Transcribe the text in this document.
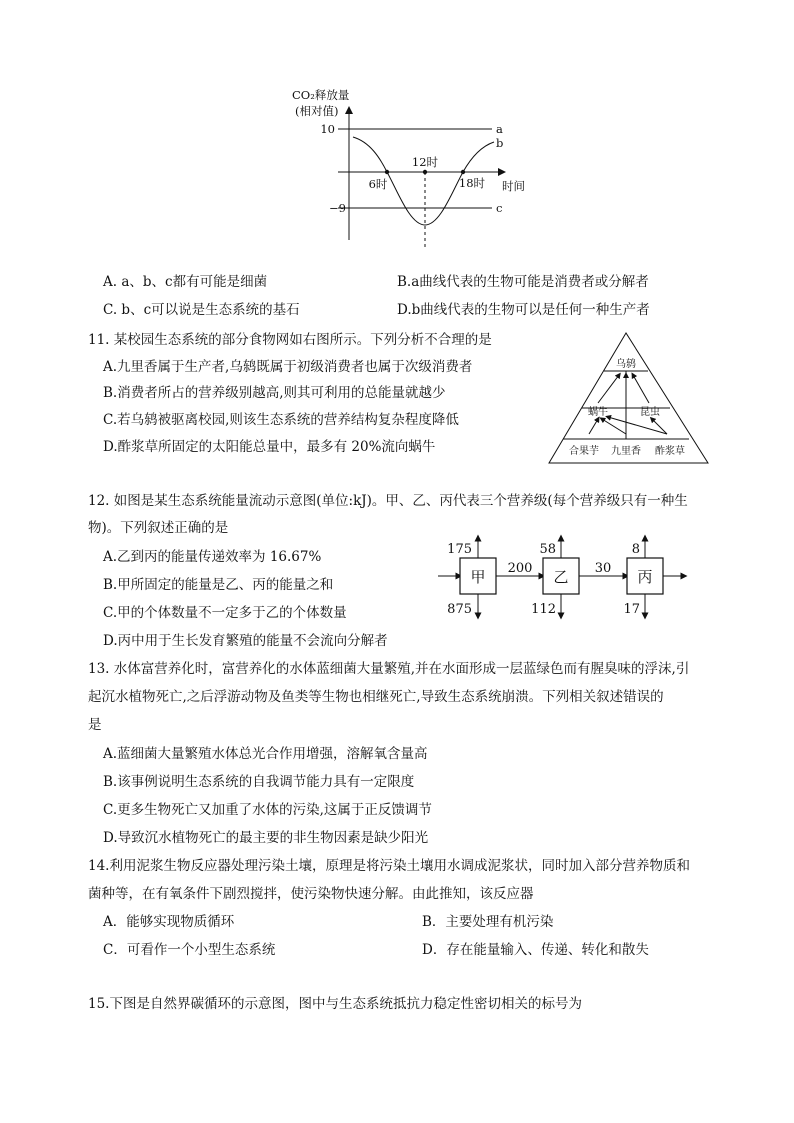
CO₂释放量
(相对值)
10
−9
12时
6时	18时 时间
a
b
c
A. a、b、c都有可能是细菌	B.a曲线代表的生物可能是消费者或分解者
C. b、c可以说是生态系统的基石	D.b曲线代表的生物可以是任何一种生产者
11. 某校园生态系统的部分食物网如右图所示。下列分析不合理的是
A.九里香属于生产者,乌鸫既属于初级消费者也属于次级消费者
B.消费者所占的营养级别越高,则其可利用的总能量就越少
C.若乌鸫被驱离校园,则该生态系统的营养结构复杂程度降低
D.酢浆草所固定的太阳能总量中，最多有 20%流向蜗牛
乌鸫
蜗牛	昆虫
合果芋 九里香 酢浆草
12. 如图是某生态系统能量流动示意图(单位:kJ)。甲、乙、丙代表三个营养级(每个营养级只有一种生
物)。下列叙述正确的是
A.乙到丙的能量传递效率为 16.67%
B.甲所固定的能量是乙、丙的能量之和
C.甲的个体数量不一定多于乙的个体数量
D.丙中用于生长发育繁殖的能量不会流向分解者
甲	乙	丙
175
875
58
112
8
17
200	30
13. 水体富营养化时，富营养化的水体蓝细菌大量繁殖,并在水面形成一层蓝绿色而有腥臭味的浮沫,引
起沉水植物死亡,之后浮游动物及鱼类等生物也相继死亡,导致生态系统崩溃。下列相关叙述错误的
是
A.蓝细菌大量繁殖水体总光合作用增强，溶解氧含量高
B.该事例说明生态系统的自我调节能力具有一定限度
C.更多生物死亡又加重了水体的污染,这属于正反馈调节
D.导致沉水植物死亡的最主要的非生物因素是缺少阳光
14.利用泥浆生物反应器处理污染土壤，原理是将污染土壤用水调成泥浆状，同时加入部分营养物质和
菌种等，在有氧条件下剧烈搅拌，使污染物快速分解。由此推知，该反应器
A．能够实现物质循环	B．主要处理有机污染
C．可看作一个小型生态系统	D．存在能量输入、传递、转化和散失
15.下图是自然界碳循环的示意图，图中与生态系统抵抗力稳定性密切相关的标号为
